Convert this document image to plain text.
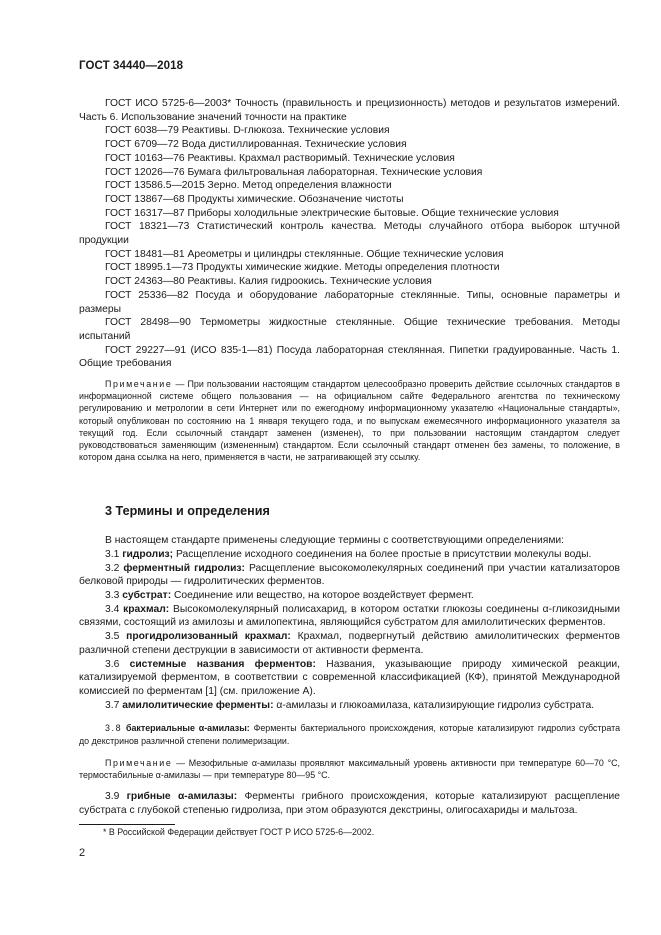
ГОСТ 34440—2018

ГОСТ ИСО 5725-6—2003* Точность (правильность и прецизионность) методов и результатов измерений. Часть 6. Использование значений точности на практике

ГОСТ 6038—79 Реактивы. D-глюкоза. Технические условия

ГОСТ 6709—72 Вода дистиллированная. Технические условия

ГОСТ 10163—76 Реактивы. Крахмал растворимый. Технические условия

ГОСТ 12026—76 Бумага фильтровальная лабораторная. Технические условия

ГОСТ 13586.5—2015 Зерно. Метод определения влажности

ГОСТ 13867—68 Продукты химические. Обозначение чистоты

ГОСТ 16317—87 Приборы холодильные электрические бытовые. Общие технические условия

ГОСТ 18321—73 Статистический контроль качества. Методы случайного отбора выборок штучной продукции

ГОСТ 18481—81 Ареометры и цилиндры стеклянные. Общие технические условия

ГОСТ 18995.1—73 Продукты химические жидкие. Методы определения плотности

ГОСТ 24363—80 Реактивы. Калия гидроокись. Технические условия

ГОСТ 25336—82 Посуда и оборудование лабораторные стеклянные. Типы, основные параметры и размеры

ГОСТ 28498—90 Термометры жидкостные стеклянные. Общие технические требования. Методы испытаний

ГОСТ 29227—91 (ИСО 835-1—81) Посуда лабораторная стеклянная. Пипетки градуированные. Часть 1. Общие требования

Примечание — При пользовании настоящим стандартом целесообразно проверить действие ссылочных стандартов в информационной системе общего пользования — на официальном сайте Федерального агентства по техническому регулированию и метрологии в сети Интернет или по ежегодному информационному указателю «Национальные стандарты», который опубликован по состоянию на 1 января текущего года, и по выпускам ежемесячного информационного указателя за текущий год. Если ссылочный стандарт заменен (изменен), то при пользовании настоящим стандартом следует руководствоваться заменяющим (измененным) стандартом. Если ссылочный стандарт отменен без замены, то положение, в котором дана ссылка на него, применяется в части, не затрагивающей эту ссылку.

3 Термины и определения

В настоящем стандарте применены следующие термины с соответствующими определениями:

3.1 гидролиз; Расщепление исходного соединения на более простые в присутствии молекулы воды.

3.2 ферментный гидролиз: Расщепление высокомолекулярных соединений при участии катализаторов белковой природы — гидролитических ферментов.

3.3 субстрат: Соединение или вещество, на которое воздействует фермент.

3.4 крахмал: Высокомолекулярный полисахарид, в котором остатки глюкозы соединены α-гликозидными связями, состоящий из амилозы и амилопектина, являющийся субстратом для амилолитических ферментов.

3.5 прогидролизованный крахмал: Крахмал, подвергнутый действию амилолитических ферментов различной степени деструкции в зависимости от активности фермента.

3.6 системные названия ферментов: Названия, указывающие природу химической реакции, катализируемой ферментом, в соответствии с современной классификацией (КФ), принятой Международной комиссией по ферментам [1] (см. приложение А).

3.7 амилолитические ферменты: α-амилазы и глюкоамилаза, катализирующие гидролиз субстрата.

3.8 бактериальные α-амилазы: Ферменты бактериального происхождения, которые катализируют гидролиз субстрата до декстринов различной степени полимеризации.

Примечание — Мезофильные α-амилазы проявляют максимальный уровень активности при температуре 60—70 °С, термостабильные α-амилазы — при температуре 80—95 °С.

3.9 грибные α-амилазы: Ферменты грибного происхождения, которые катализируют расщепление субстрата с глубокой степенью гидролиза, при этом образуются декстрины, олигосахариды и мальтоза.

* В Российской Федерации действует ГОСТ Р ИСО 5725-6—2002.
2
